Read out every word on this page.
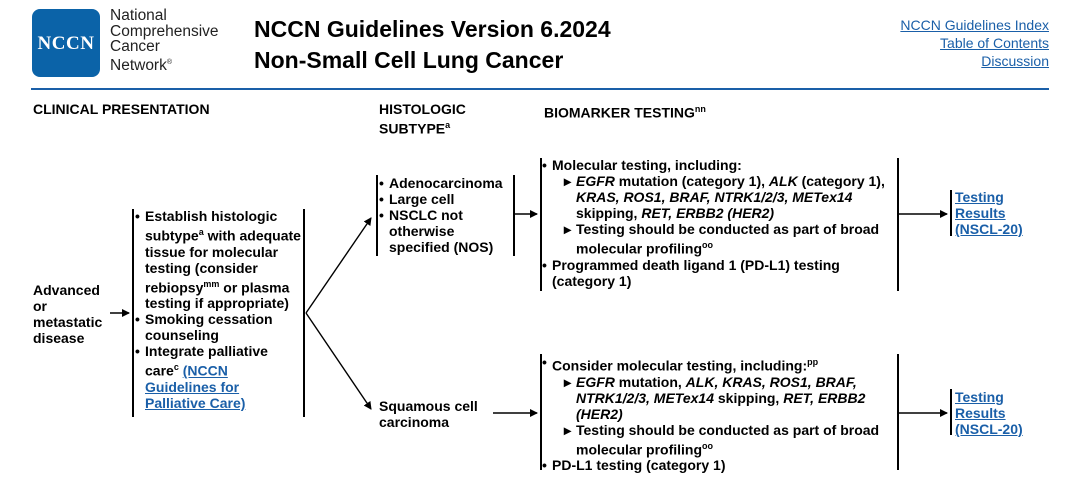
NCCN
National
Comprehensive
Cancer
Network®
NCCN Guidelines Version 6.2024
Non-Small Cell Lung Cancer
NCCN Guidelines Index
Table of Contents
Discussion
CLINICAL PRESENTATION	HISTOLOGIC
SUBTYPE$^a$
BIOMARKER $TESTING^{nn}$
Advanced
or
metastatic
disease
• Establish histologic subtype$^a$ with adequate tissue for molecular testing (consider rebiopsy$^{mm}$ or plasma testing if appropriate)
• Smoking cessation counseling
• Integrate palliative care$^c$ (NCCN Guidelines for Palliative Care)
• Adenocarcinoma
• Large cell
• NSCLC not otherwise specified (NOS)
Squamous cell carcinoma
• Molecular testing, including:
▸ EGFR mutation (category 1), ALK (category 1), KRAS, ROS1, BRAF, NTRK1/2/3, METex14 skipping, RET, ERBB2 (HER2)
▸ Testing should be conducted as part of broad molecular profiling$^{oo}$
• Programmed death ligand 1 (PD-L1) testing (category 1)
• Consider molecular testing, including:$^{pp}$
▸ EGFR mutation, ALK, KRAS, ROS1, BRAF, NTRK1/2/3, METex14 skipping, RET, ERBB2 (HER2)
▸ Testing should be conducted as part of broad molecular profiling$^{oo}$
• PD-L1 testing (category 1)
Testing
Results
(NSCL-20)
Testing
Results
(NSCL-20)
